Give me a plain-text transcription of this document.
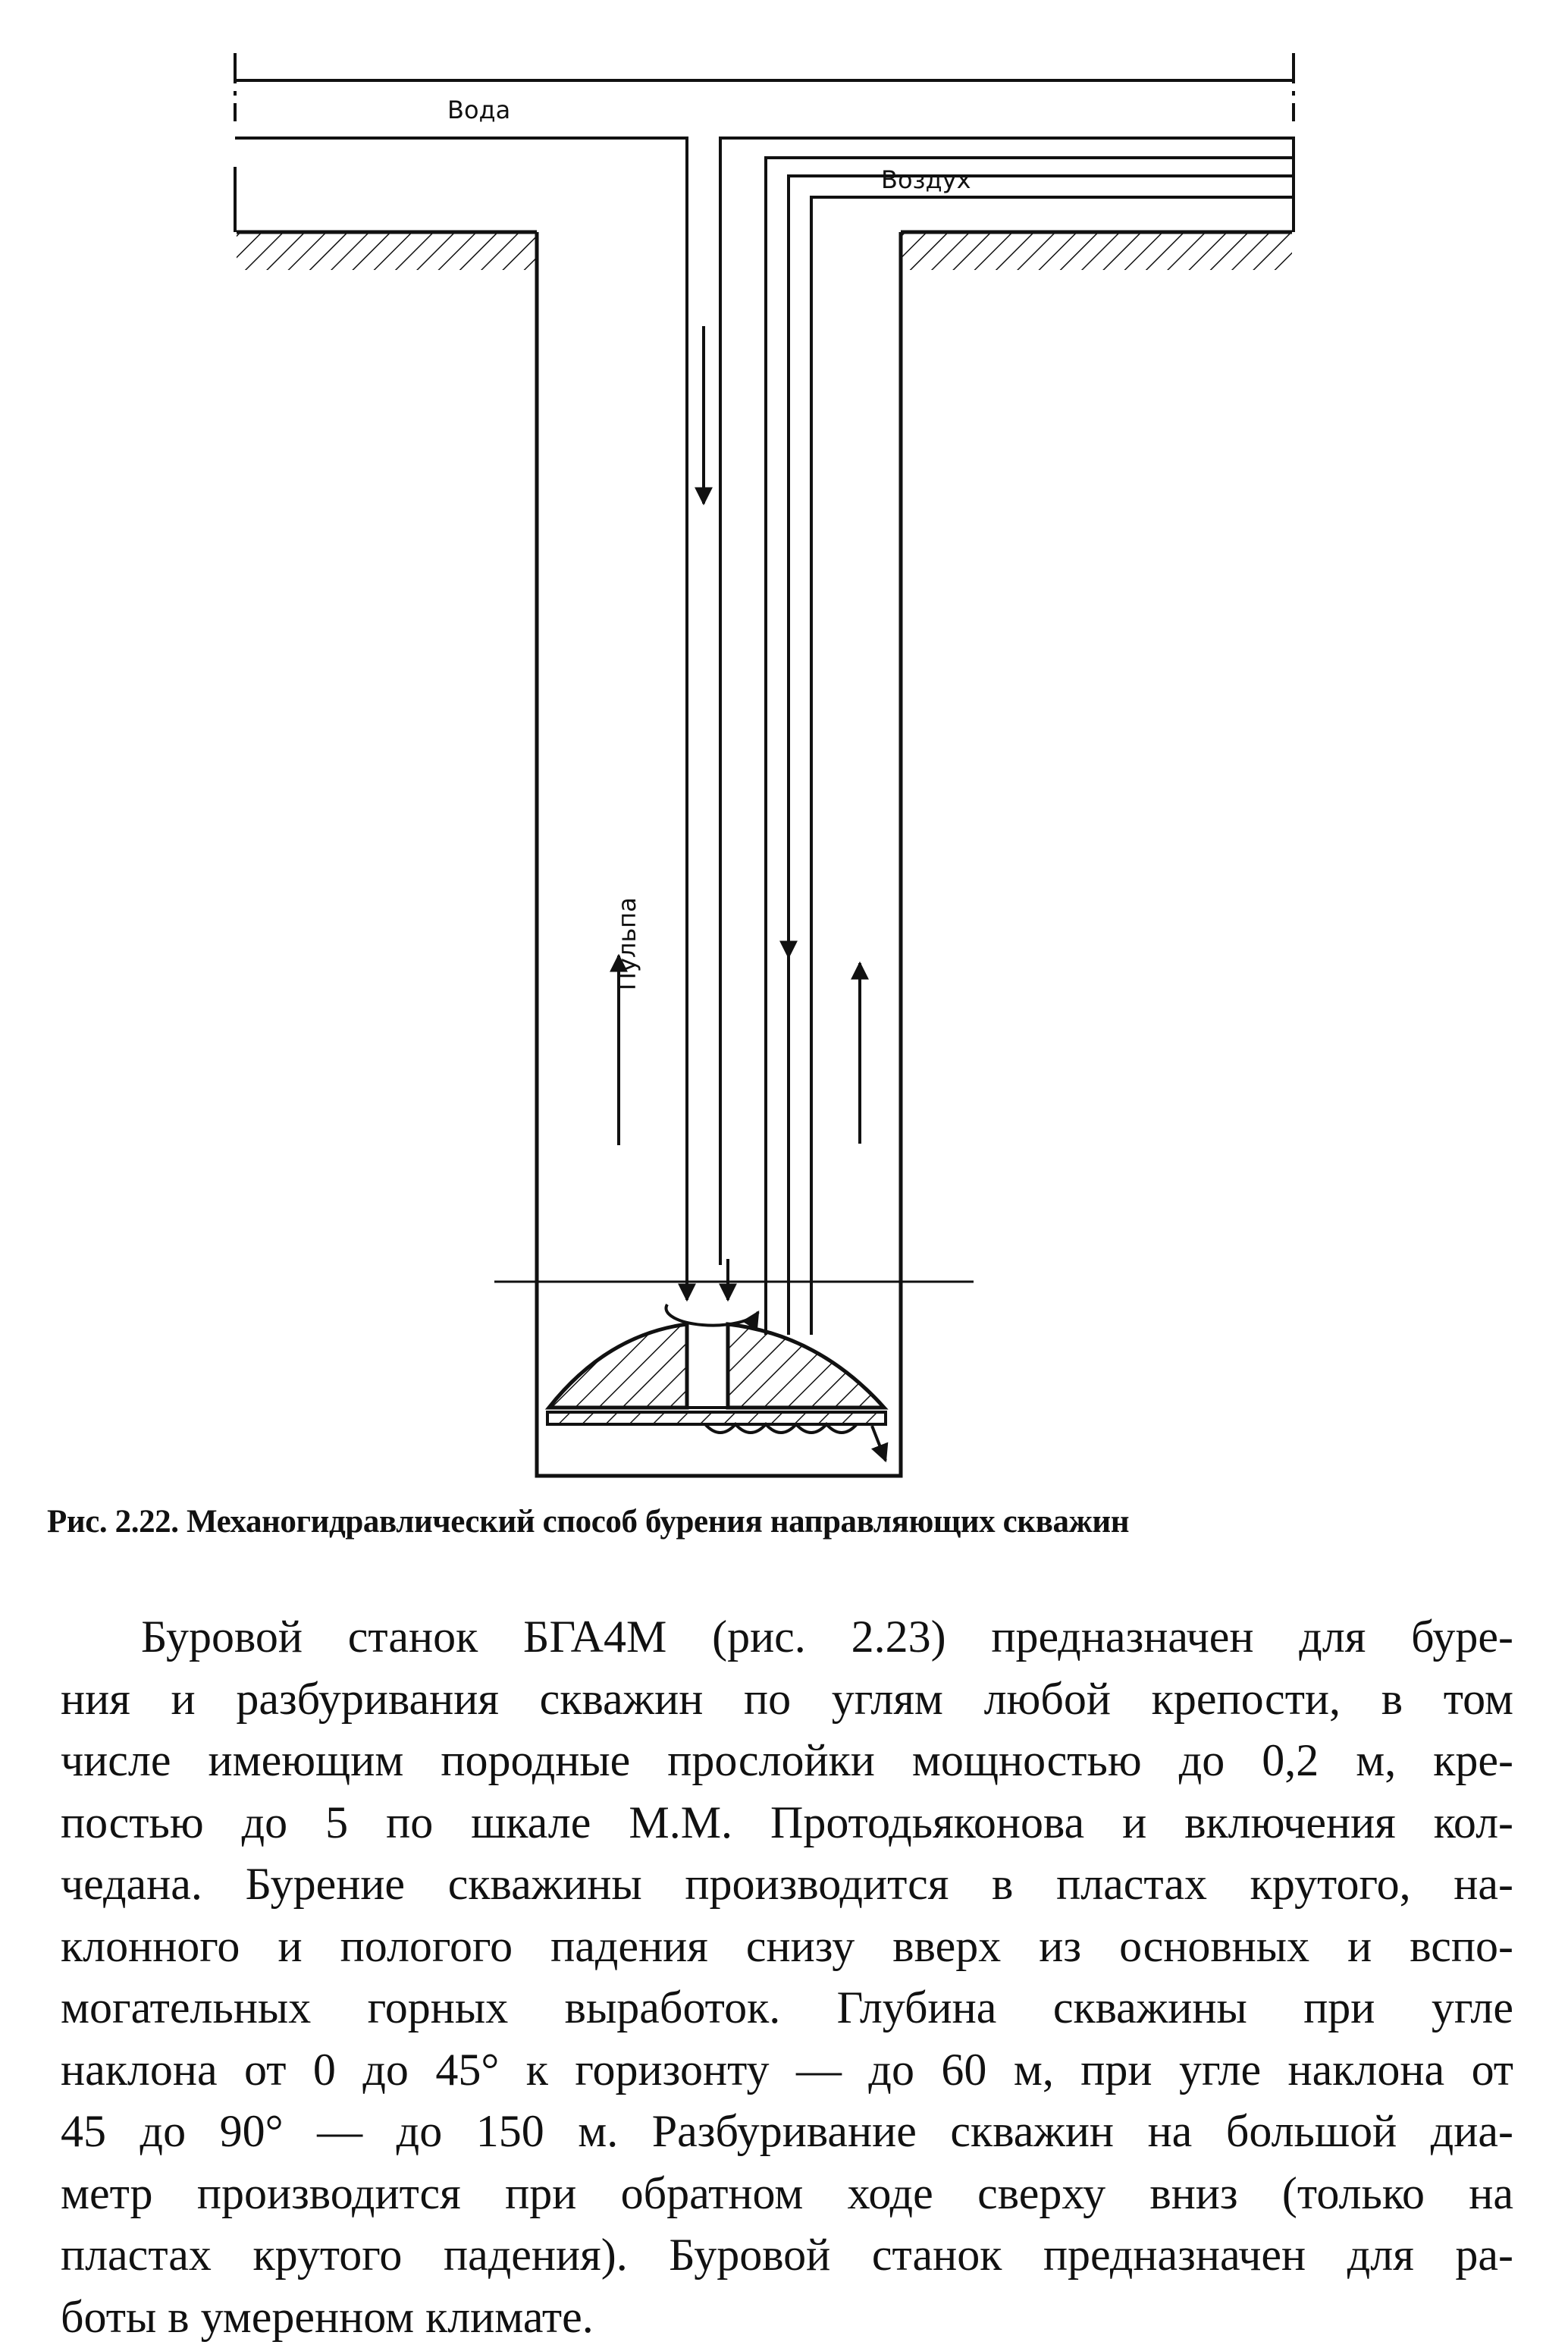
Вода
Воздух
Пульпа
Рис. 2.22. Механогидравлический способ бурения направляющих скважин
Буровой станок БГА4М (рис. 2.23) предназначен для буре-
ния и разбуривания скважин по углям любой крепости, в том
числе имеющим породные прослойки мощностью до 0,2 м, кре-
постью до 5 по шкале М.М. Протодьяконова и включения кол-
чедана. Бурение скважины производится в пластах крутого, на-
клонного и пологого падения снизу вверх из основных и вспо-
могательных горных выработок. Глубина скважины при угле
наклона от 0 до 45° к горизонту — до 60 м, при угле наклона от
45 до 90° — до 150 м. Разбуривание скважин на большой диа-
метр производится при обратном ходе сверху вниз (только на
пластах крутого падения). Буровой станок предназначен для ра-
боты в умеренном климате.
